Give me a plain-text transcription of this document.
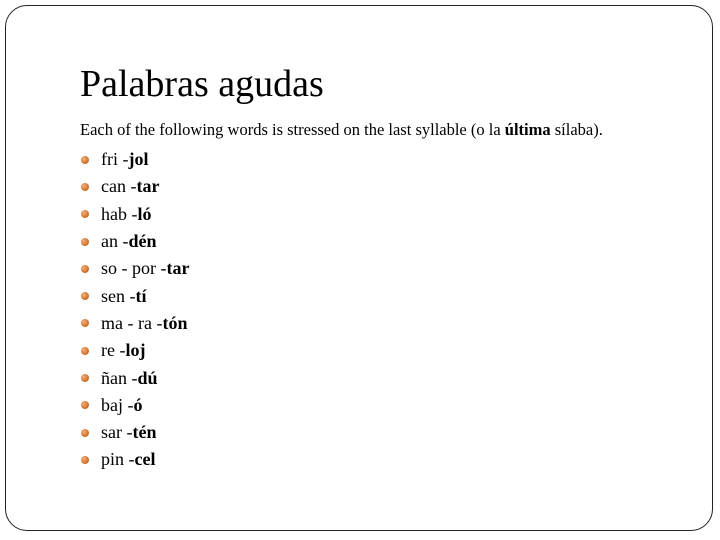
Palabras agudas

Each of the following words is stressed on the last syllable (o la última sílaba).

fri - jol
can - tar
hab - ló
an - dén
so - por - tar
sen - tí
ma - ra - tón
re - loj
ñan - dú
baj - ó
sar - tén
pin - cel
